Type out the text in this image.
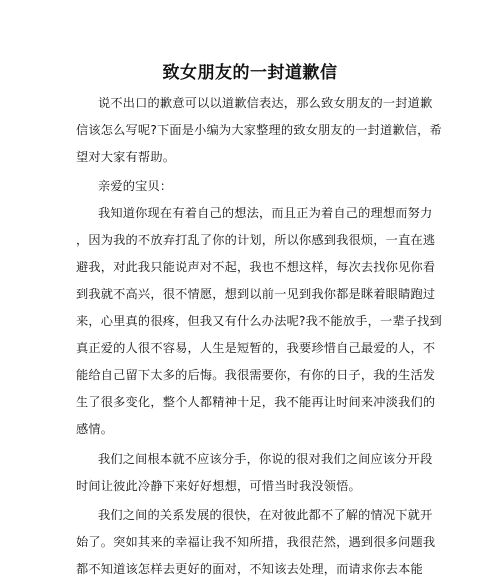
致女朋友的一封道歉信
说不出口的歉意可以以道歉信表达，那么致女朋友的一封道歉
信该怎么写呢?下面是小编为大家整理的致女朋友的一封道歉信，希
望对大家有帮助。
亲爱的宝贝：
我知道你现在有着自己的想法，而且正为着自己的理想而努力
，因为我的不放弃打乱了你的计划，所以你感到我很烦，一直在逃
避我，对此我只能说声对不起，我也不想这样，每次去找你见你看
到我就不高兴，很不情愿，想到以前一见到我你都是眯着眼睛跑过
来，心里真的很疼，但我又有什么办法呢?我不能放手，一辈子找到
真正爱的人很不容易，人生是短暂的，我要珍惜自己最爱的人，不
能给自己留下太多的后悔。我很需要你，有你的日子，我的生活发
生了很多变化，整个人都精神十足，我不能再让时间来冲淡我们的
感情。
我们之间根本就不应该分手，你说的很对我们之间应该分开段
时间让彼此冷静下来好好想想，可惜当时我没领悟。
我们之间的关系发展的很快，在对彼此都不了解的情况下就开
始了。突如其来的幸福让我不知所措，我很茫然，遇到很多问题我
都不知道该怎样去更好的面对，不知该去处理，而请求你去本能
